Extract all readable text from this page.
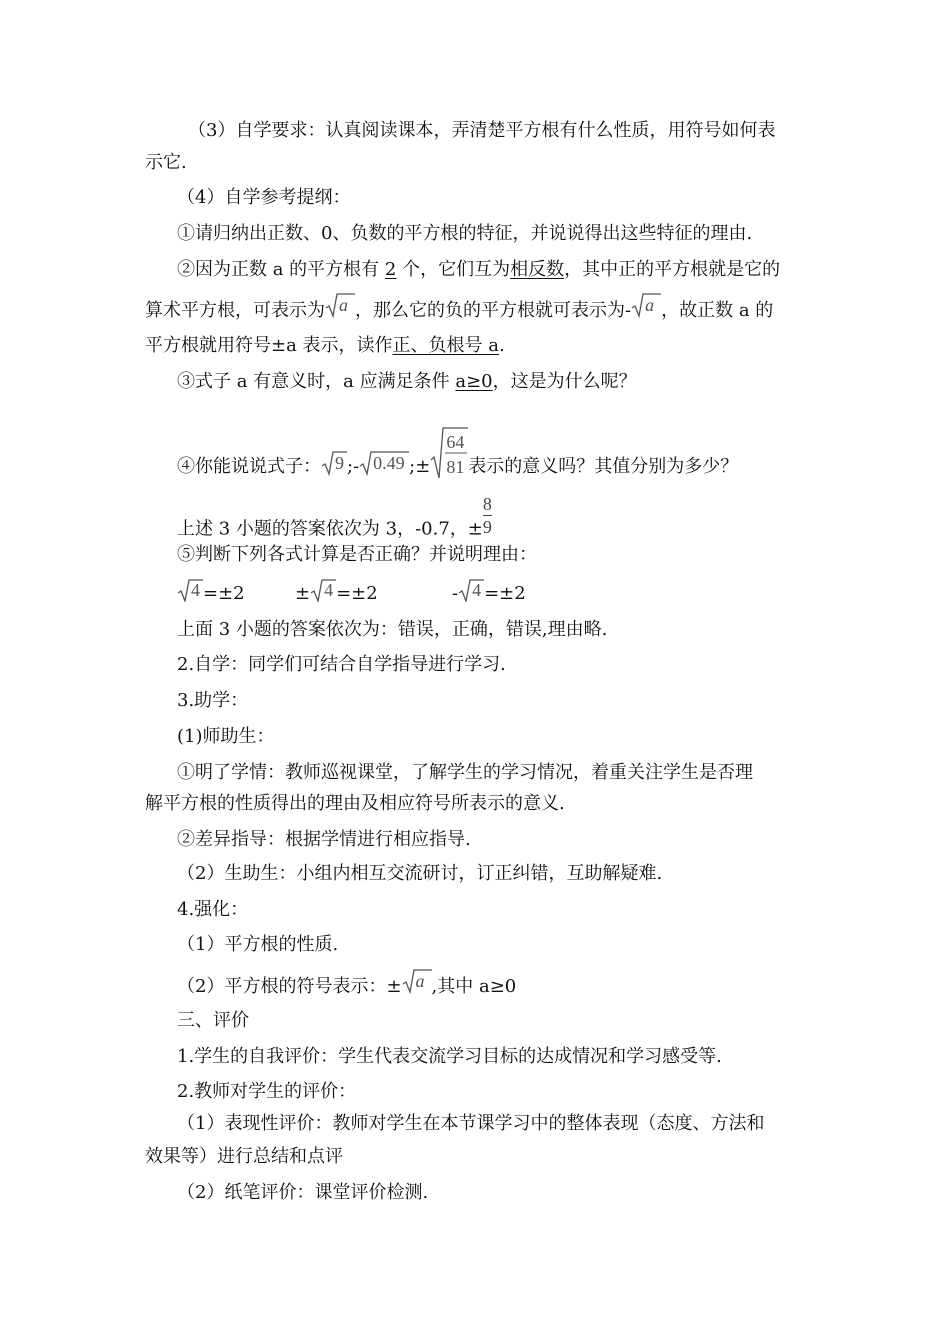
（3）自学要求：认真阅读课本，弄清楚平方根有什么性质，用符号如何表
示它.
（4）自学参考提纲：
①请归纳出正数、0、负数的平方根的特征，并说说得出这些特征的理由.
②因为正数 a 的平方根有 2 个，它们互为相反数，其中正的平方根就是它的
算术平方根，可表示为 a ，那么它的负的平方根就可表示为- a ，故正数 a 的
平方根就用符号±a 表示，读作正、负根号 a.
③式子 a 有意义时，a 应满足条件 a≥0，这是为什么呢？
④你能说说式子： 9 ;- 0.49 ;±
64
81 表示的意义吗？其值分别为多少？
上述 3 小题的答案依次为 3，-0.7，± $\frac{8}{9}$
⑤判断下列各式计算是否正确？并说明理由：
4 =±2	± 4 =±2	- 4 =±2
上面 3 小题的答案依次为：错误，正确，错误,理由略.
2.自学：同学们可结合自学指导进行学习.
3.助学：
(1)师助生：
①明了学情：教师巡视课堂，了解学生的学习情况，着重关注学生是否理
解平方根的性质得出的理由及相应符号所表示的意义.
②差异指导：根据学情进行相应指导.
（2）生助生：小组内相互交流研讨，订正纠错，互助解疑难.
4.强化：
（1）平方根的性质.
（2）平方根的符号表示：± a ,其中 a≥0
三、评价
1.学生的自我评价：学生代表交流学习目标的达成情况和学习感受等.
2.教师对学生的评价：
（1）表现性评价：教师对学生在本节课学习中的整体表现（态度、方法和
效果等）进行总结和点评
（2）纸笔评价：课堂评价检测.
